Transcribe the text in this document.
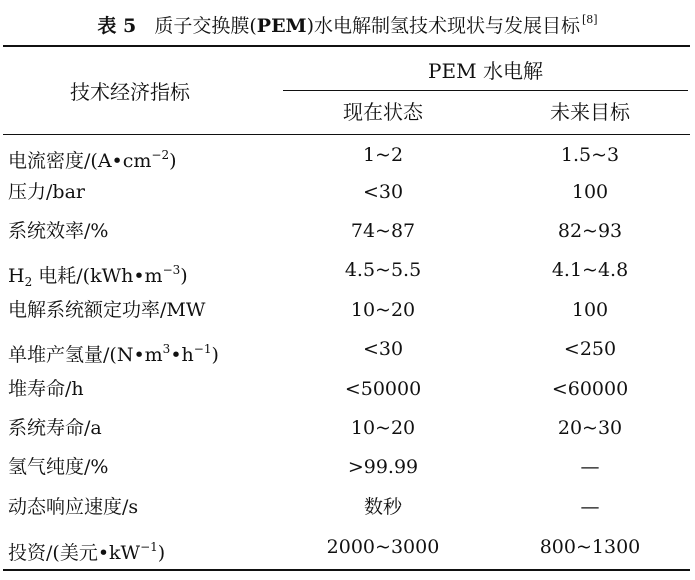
表 5 质子交换膜(PEM)水电解制氢技术现状与发展目标 [8]
技术经济指标
PEM 水电解
现在状态	未来目标
电流密度$/(A•cm^{-2})$	1~2	1.5~3
压力/bar	<30	100
系统效率/%	74~87	82~93
$H_2$ 电耗$/(kWh•m^{-3})$	4.5~5.5	4.1~4.8
电解系统额定功率/MW	10~20	100
单堆产氢量$/(N•m^3•h^{-1})$	<30	<250
堆寿命/h	<50000	<60000
系统寿命/a	10~20	20~30
氢气纯度/%	>99.99	—
动态响应速度/s	数秒	—
投资/(美元$•kW^{-1}$)	2000~3000	800~1300
